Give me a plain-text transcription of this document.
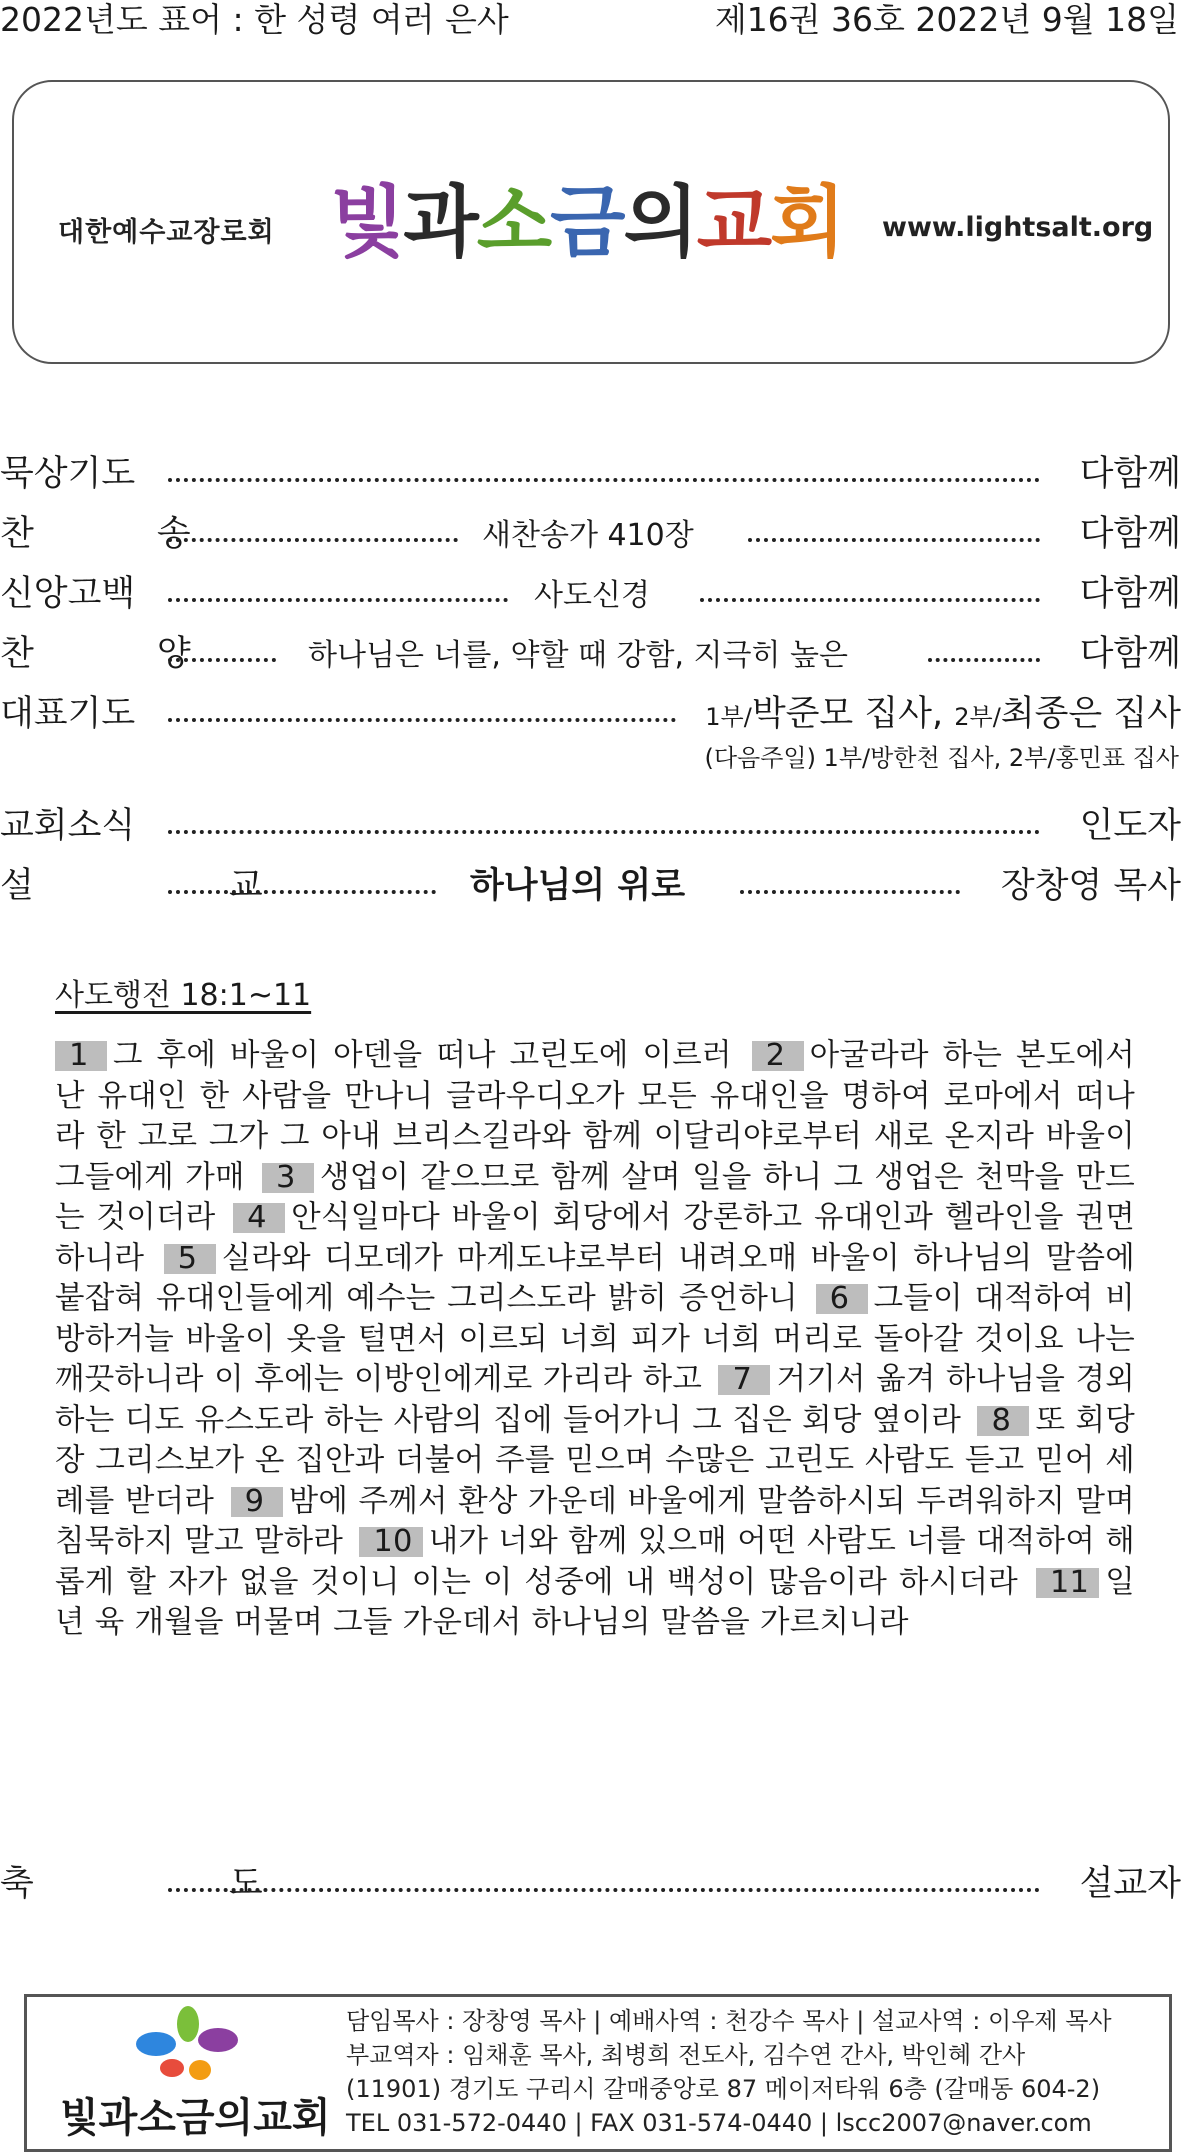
2022년도 표어 : 한 성령 여러 은사	제16권 36호 2022년 9월 18일
대한예수교장로회 빛과소금의교회 www.lightsalt.org
묵상기도	다함께
찬 송	새찬송가 410장	다함께
신앙고백	사도신경	다함께
찬 양 하나님은 너를, 약할 때 강함, 지극히 높은	다함께
대표기도	1부/박준모 집사, 2부/최종은 집사
(다음주일) 1부/방한천 집사, 2부/홍민표 집사
교회소식	인도자
설 교	하나님의 위로	장창영 목사
사도행전 18:1~11
1 그 후에 바울이 아덴을 떠나 고린도에 이르러 2 아굴라라 하는 본도에서 난 유대인 한 사람을 만나니 글라우디오가 모든 유대인을 명하여 로마에서 떠나라 한 고로 그가 그 아내 브리스길라와 함께 이달리야로부터 새로 온지라 바울이 그들에게 가매 3 생업이 같으므로 함께 살며 일을 하니 그 생업은 천막을 만드는 것이더라 4 안식일마다 바울이 회당에서 강론하고 유대인과 헬라인을 권면하니라 5 실라와 디모데가 마게도냐로부터 내려오매 바울이 하나님의 말씀에 붙잡혀 유대인들에게 예수는 그리스도라 밝히 증언하니 6 그들이 대적하여 비방하거늘 바울이 옷을 털면서 이르되 너희 피가 너희 머리로 돌아갈 것이요 나는 깨끗하니라 이 후에는 이방인에게로 가리라 하고 7 거기서 옮겨 하나님을 경외하는 디도 유스도라 하는 사람의 집에 들어가니 그 집은 회당 옆이라 8 또 회당장 그리스보가 온 집안과 더불어 주를 믿으며 수많은 고린도 사람도 듣고 믿어 세례를 받더라 9 밤에 주께서 환상 가운데 바울에게 말씀하시되 두려워하지 말며 침묵하지 말고 말하라 10 내가 너와 함께 있으매 어떤 사람도 너를 대적하여 해롭게 할 자가 없을 것이니 이는 이 성중에 내 백성이 많음이라 하시더라 11 일 년 육 개월을 머물며 그들 가운데서 하나님의 말씀을 가르치니라
축 도	설교자
빛과소금의교회
담임목사 : 장창영 목사 | 예배사역 : 천강수 목사 | 설교사역 : 이우제 목사
부교역자 : 임채훈 목사, 최병희 전도사, 김수연 간사, 박인혜 간사
(11901) 경기도 구리시 갈매중앙로 87 메이저타워 6층 (갈매동 604-2)
TEL 031-572-0440 | FAX 031-574-0440 | lscc2007@naver.com
